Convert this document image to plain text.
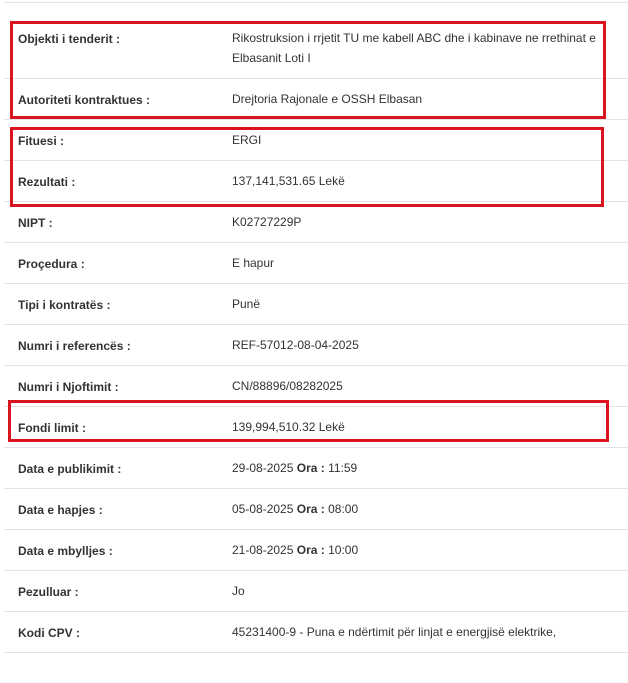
Objekti i tenderit :	Rikostruksion i rrjetit TU me kabell ABC dhe i kabinave ne rrethinat e Elbasanit Loti I
Autoriteti kontraktues :	Drejtoria Rajonale e OSSH Elbasan
Fituesi :	ERGI
Rezultati :	137,141,531.65 Lekë
NIPT :	K02727229P
Proçedura :	E hapur
Tipi i kontratës :	Punë
Numri i referencës :	REF-57012-08-04-2025
Numri i Njoftimit :	CN/88896/08282025
Fondi limit :	139,994,510.32 Lekë
Data e publikimit :	29-08-2025 Ora : 11:59
Data e hapjes :	05-08-2025 Ora : 08:00
Data e mbylljes :	21-08-2025 Ora : 10:00
Pezulluar :	Jo
Kodi CPV :	45231400-9 - Puna e ndërtimit për linjat e energjisë elektrike,
